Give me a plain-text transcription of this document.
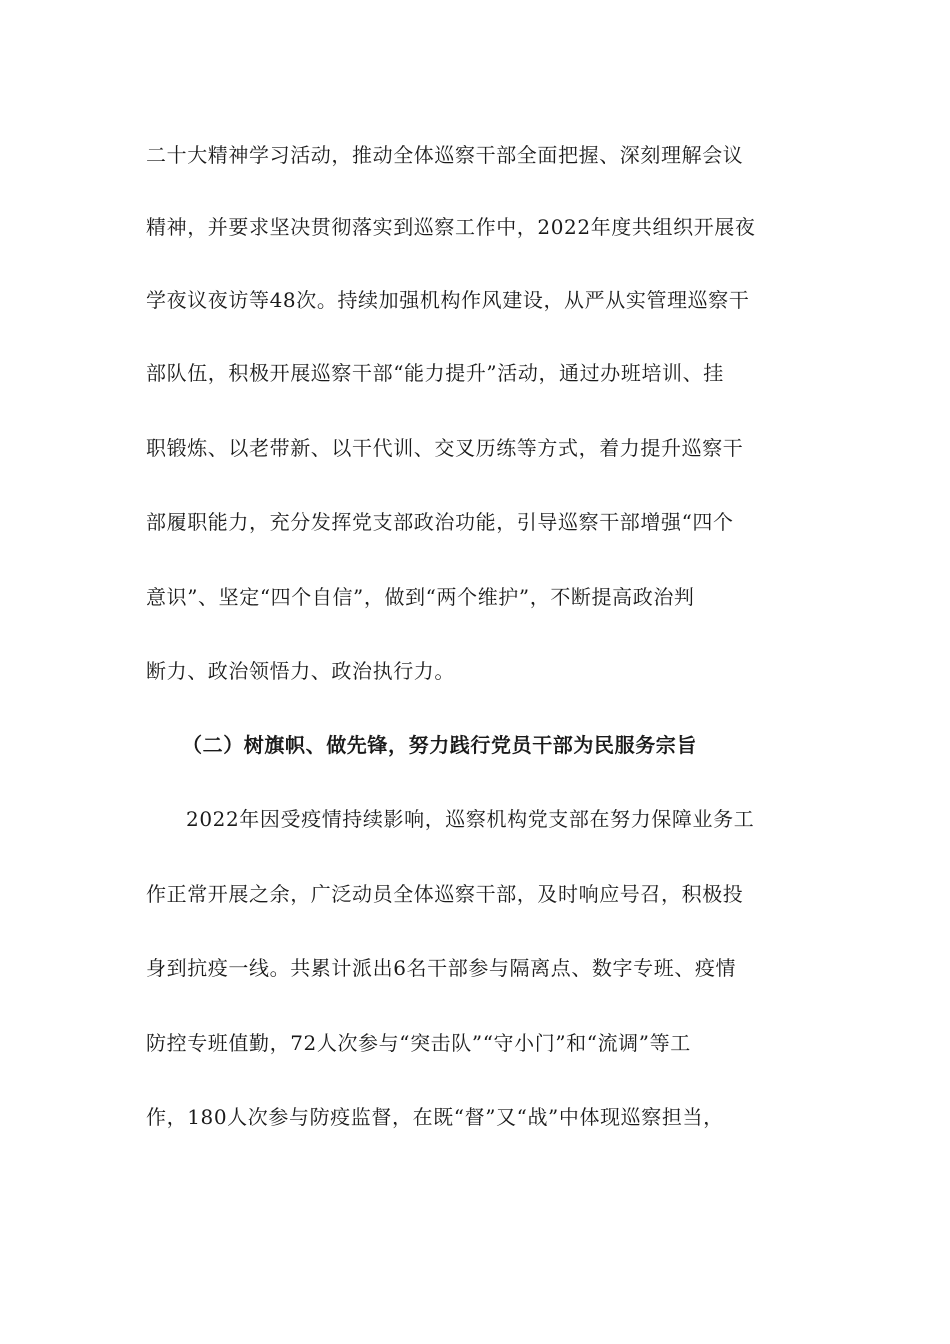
二十大精神学习活动，推动全体巡察干部全面把握、深刻理解会议
精神，并要求坚决贯彻落实到巡察工作中，2022年度共组织开展夜
学夜议夜访等48次。持续加强机构作风建设，从严从实管理巡察干
部队伍，积极开展巡察干部“能力提升”活动，通过办班培训、挂
职锻炼、以老带新、以干代训、交叉历练等方式，着力提升巡察干
部履职能力，充分发挥党支部政治功能，引导巡察干部增强“四个
意识”、坚定“四个自信”，做到“两个维护”，不断提高政治判
断力、政治领悟力、政治执行力。
（二）树旗帜、做先锋，努力践行党员干部为民服务宗旨
2022年因受疫情持续影响，巡察机构党支部在努力保障业务工
作正常开展之余，广泛动员全体巡察干部，及时响应号召，积极投
身到抗疫一线。共累计派出6名干部参与隔离点、数字专班、疫情
防控专班值勤，72人次参与“突击队”“守小门”和“流调”等工
作，180人次参与防疫监督，在既“督”又“战”中体现巡察担当，
